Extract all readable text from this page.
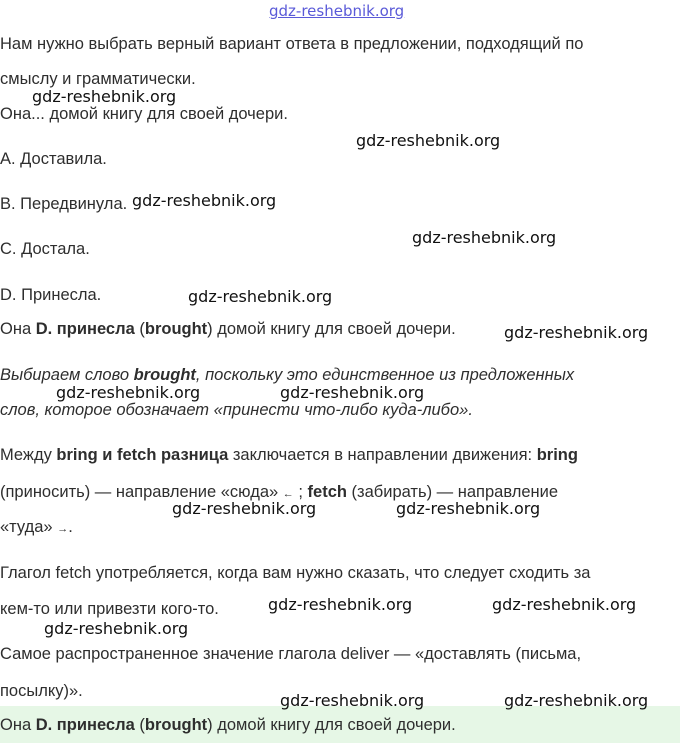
gdz-reshebnik.org
Нам нужно выбрать верный вариант ответа в предложении, подходящий по
смыслу и грамматически.
gdz-reshebnik.org
Она... домой книгу для своей дочери.
gdz-reshebnik.org
A. Доставила.
B. Передвинула. gdz-reshebnik.org
gdz-reshebnik.org
C. Достала.
D. Принесла.	gdz-reshebnik.org
Она D. принесла (brought) домой книгу для своей дочери.	gdz-reshebnik.org
Выбираем слово brought, поскольку это единственное из предложенных
gdz-reshebnik.org	gdz-reshebnik.org
слов, которое обозначает «принести что-либо куда-либо».
Между bring и fetch разница заключается в направлении движения: bring
(приносить) — направление «сюда» ← ; fetch (забирать) — направление
gdz-reshebnik.org	gdz-reshebnik.org
«туда» →.
Глагол fetch употребляется, когда вам нужно сказать, что следует сходить за
gdz-reshebnik.org	gdz-reshebnik.org
кем-то или привезти кого-то.
gdz-reshebnik.org
Самое распространенное значение глагола deliver — «доставлять (письма,
посылку)».	gdz-reshebnik.org	gdz-reshebnik.org
Она D. принесла (brought) домой книгу для своей дочери.
